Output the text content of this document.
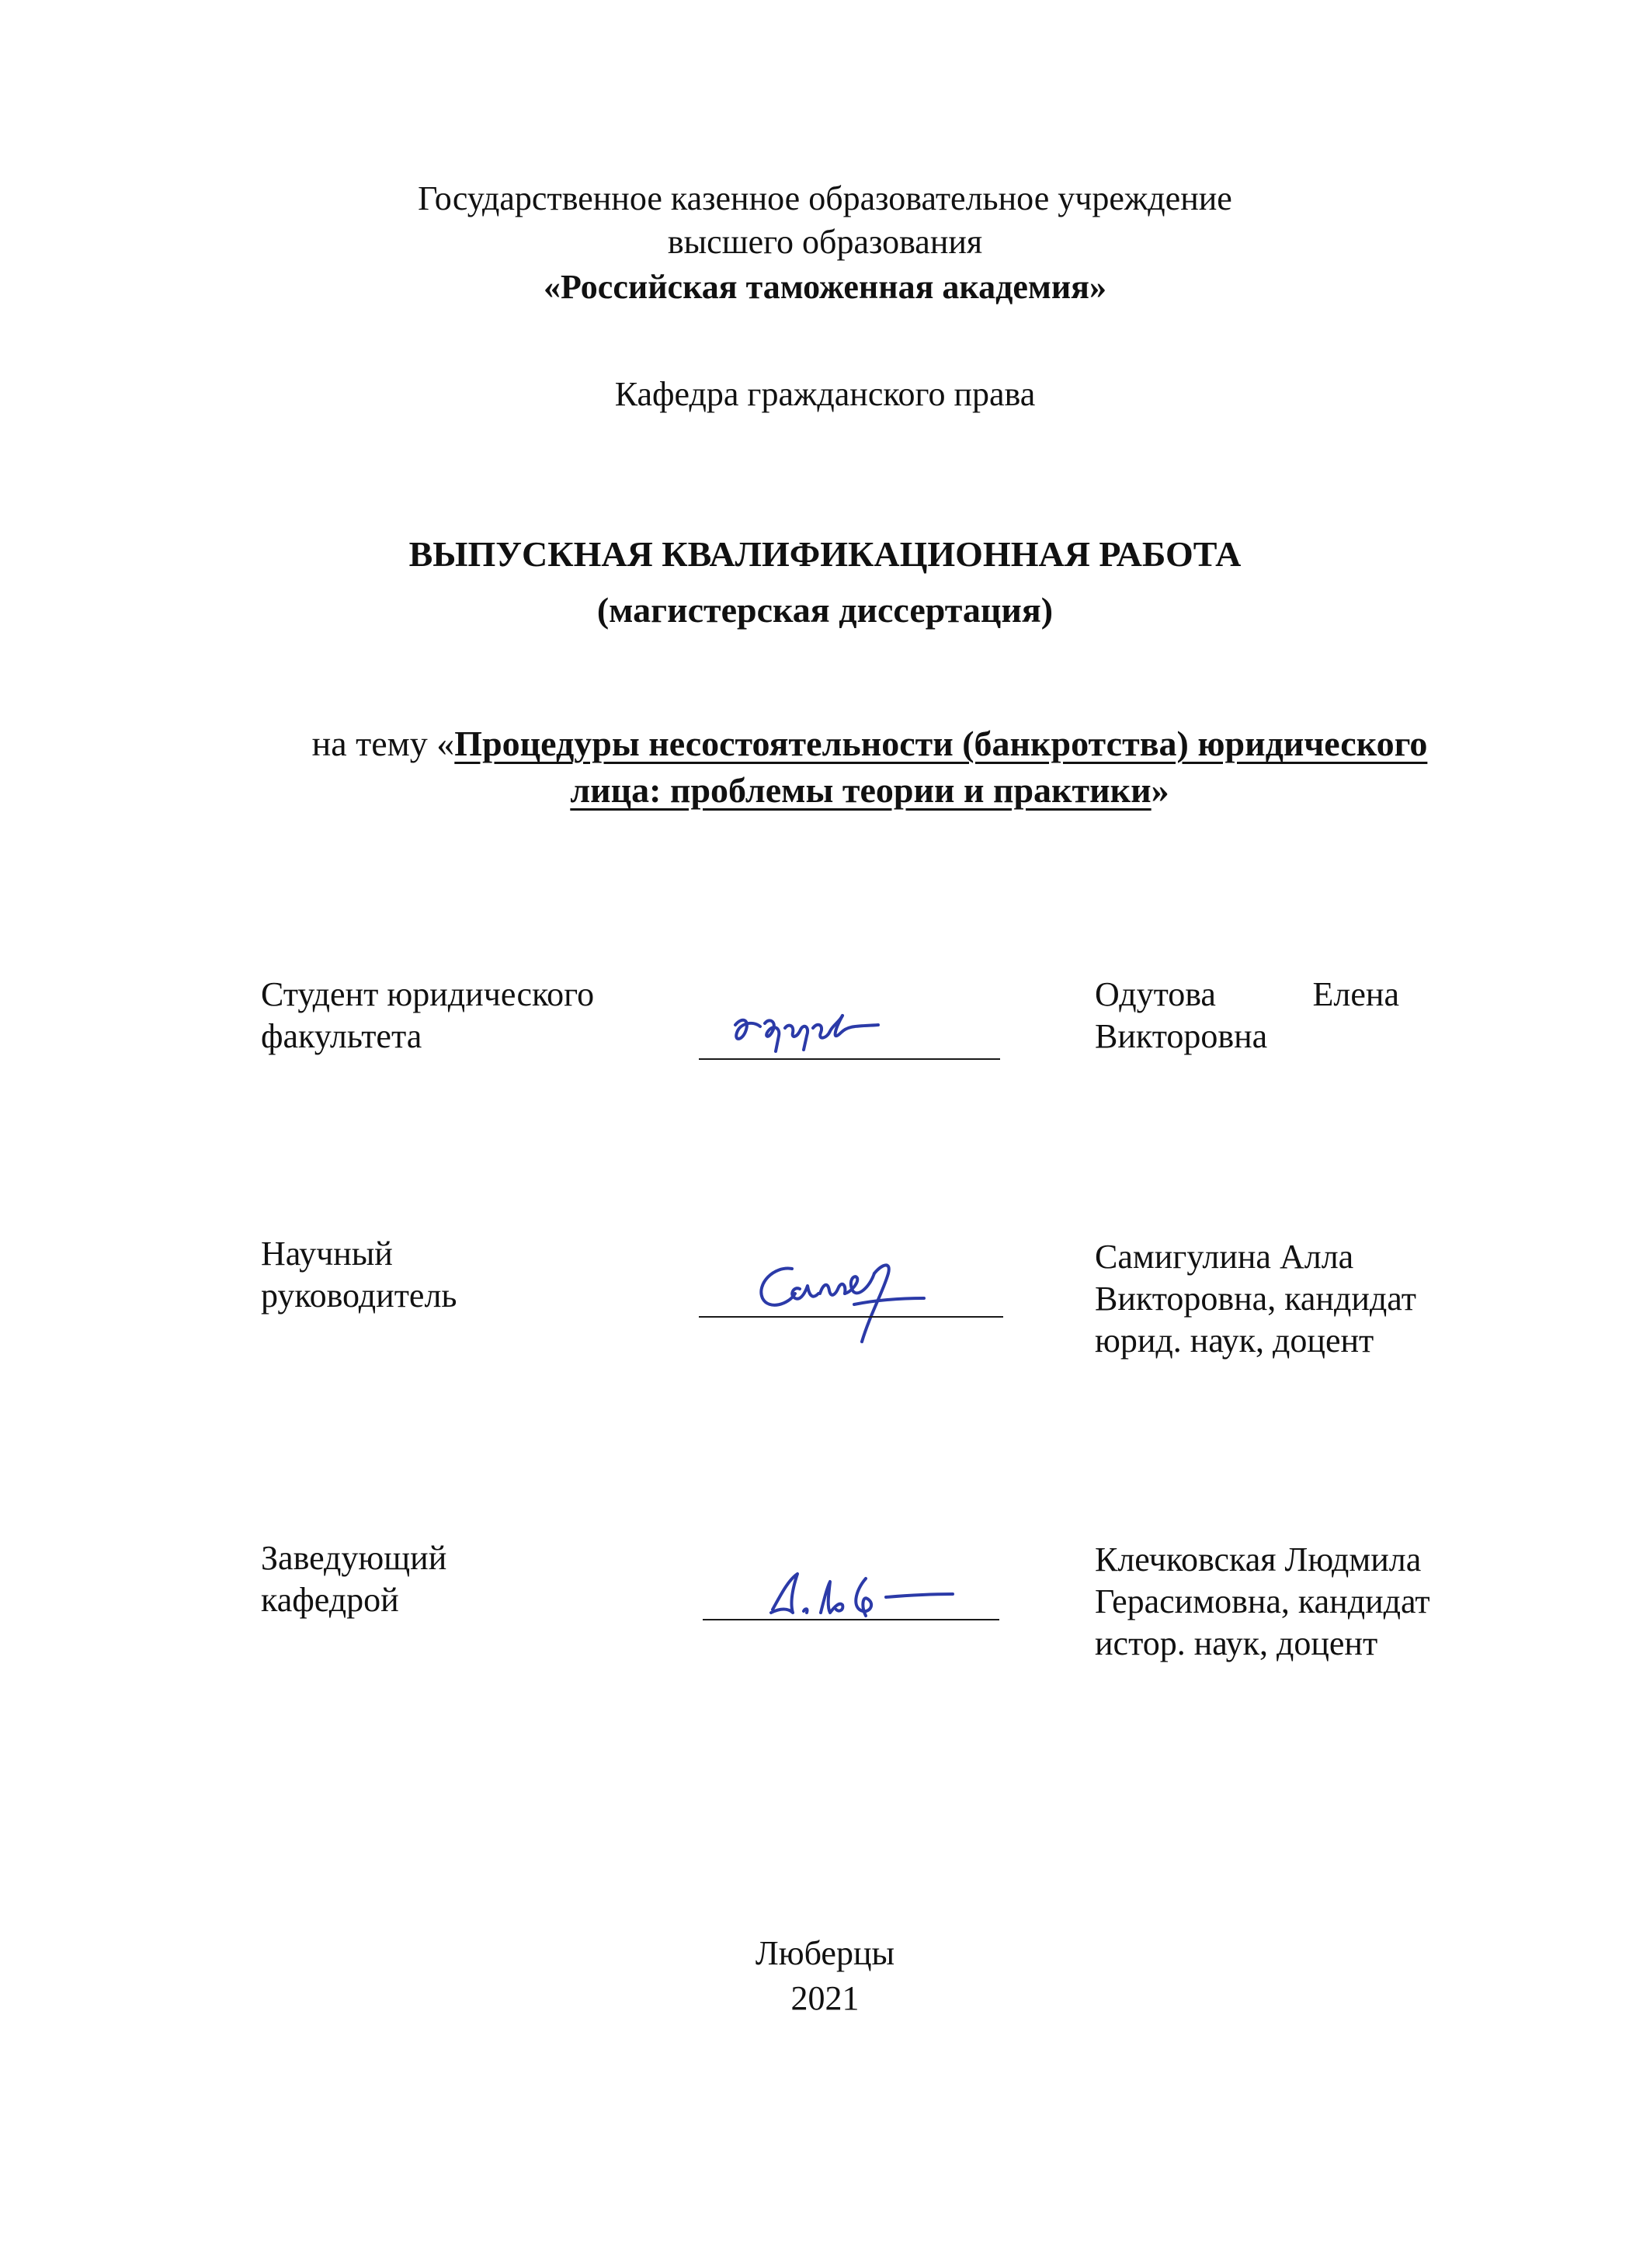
Государственное казенное образовательное учреждение
высшего образования
«Российская таможенная академия»
Кафедра гражданского права
ВЫПУСКНАЯ КВАЛИФИКАЦИОННАЯ РАБОТА
(магистерская диссертация)
на тему «Процедуры несостоятельности (банкротства) юридического
лица: проблемы теории и практики»
Студент юридического
факультета
Одутова	Елена
Викторовна
Научный
руководитель
Самигулина Алла
Викторовна, кандидат
юрид. наук, доцент
Заведующий
кафедрой
Клечковская Людмила
Герасимовна, кандидат
истор. наук, доцент
Люберцы
2021
